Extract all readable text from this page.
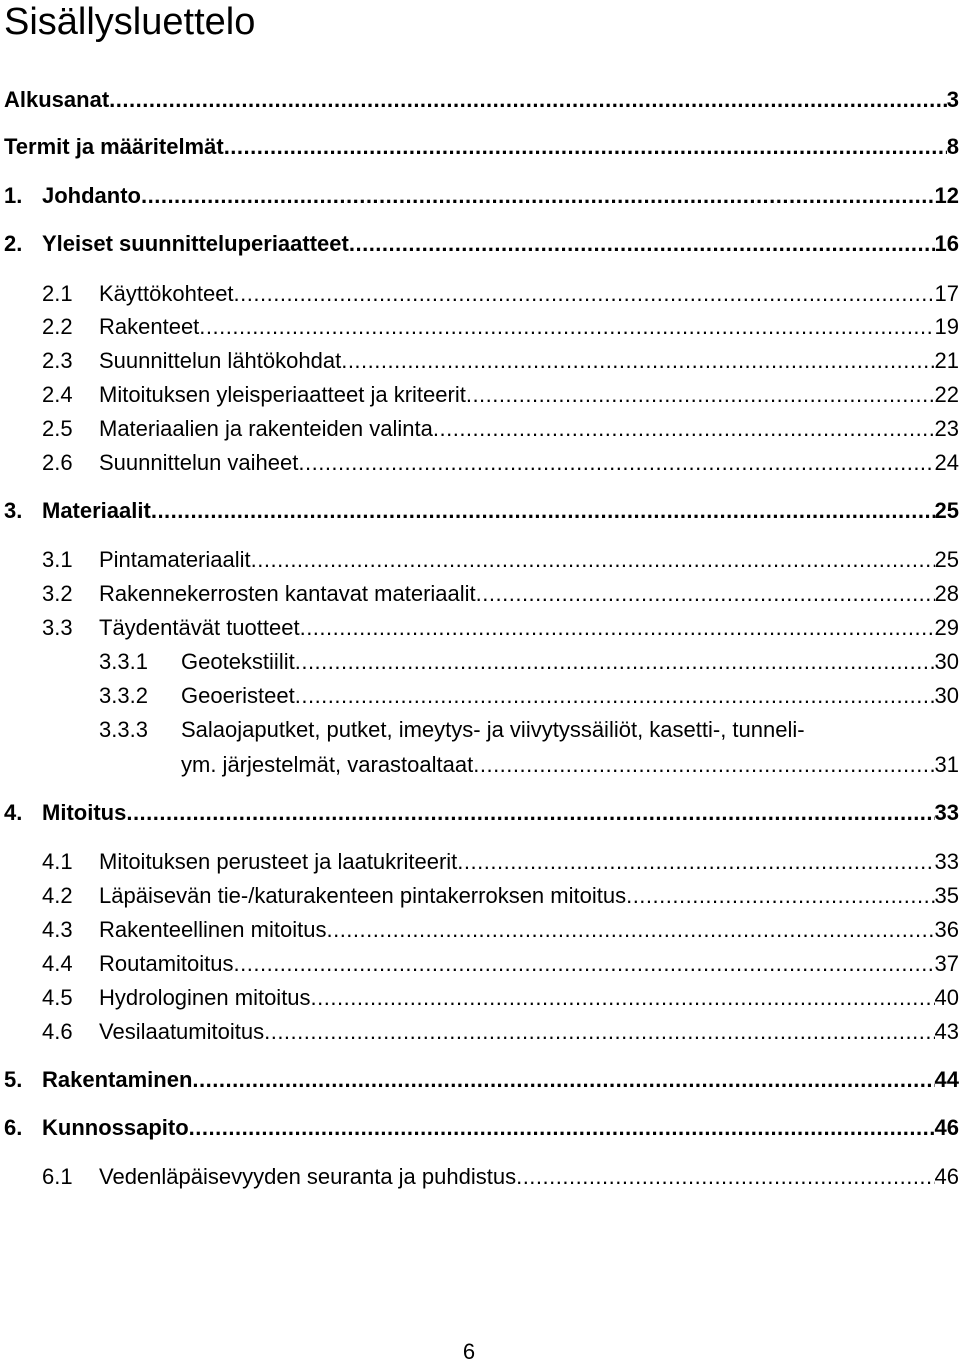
Sisällysluettelo
Alkusanat .....	3
Termit ja määritelmät .....	8
1. Johdanto .....	12
2. Yleiset suunnitteluperiaatteet .....	16
2.1	Käyttökohteet .....	17
2.2	Rakenteet .....	19
2.3	Suunnittelun lähtökohdat .....	21
2.4	Mitoituksen yleisperiaatteet ja kriteerit .....	22
2.5	Materiaalien ja rakenteiden valinta .....	23
2.6	Suunnittelun vaiheet .....	24
3. Materiaalit .....	25
3.1	Pintamateriaalit .....	25
3.2	Rakennekerrosten kantavat materiaalit .....	28
3.3	Täydentävät tuotteet .....	29
3.3.1	Geotekstiilit .....	30
3.3.2	Geoeristeet .....	30
3.3.3 Salaojaputket, putket, imeytys- ja viivytyssäiliöt, kasetti-, tunneli-
ym. järjestelmät, varastoaltaat .....	31
4. Mitoitus .....	33
4.1	Mitoituksen perusteet ja laatukriteerit .....	33
4.2	Läpäisevän tie-/katurakenteen pintakerroksen mitoitus .....	35
4.3	Rakenteellinen mitoitus .....	36
4.4	Routamitoitus .....	37
4.5	Hydrologinen mitoitus .....	40
4.6	Vesilaatumitoitus .....	43
5. Rakentaminen .....	44
6. Kunnossapito .....	46
6.1	Vedenläpäisevyyden seuranta ja puhdistus .....	46
6
